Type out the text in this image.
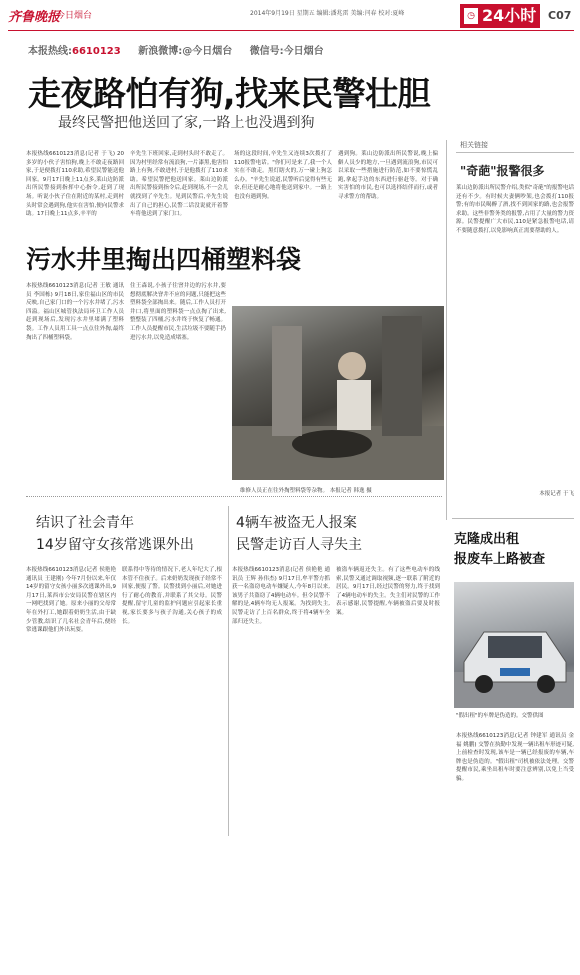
齐鲁晚报
今日烟台	2014年9月19日 星期五 编辑:潘兆雷 美编:闫春 校对:夏峰	24小时
◷	C07
本报热线:6610123 新浪微博:@今日烟台 微信号:今日烟台
走夜路怕有狗,找来民警壮胆
最终民警把他送回了家,一路上也没遇到狗
本报热线6610123消息(记者 于飞) 20多岁的小伙子害怕狗,晚上不敢走夜路回家,于是便拨打110求助,希望民警能送他回家。9月17日晚上11点多,莱山边防派出所民警接到指挥中心指令,赶到了现场。听说小伙子住在附近的某村,走到村头时常会遇到狗,他实在害怕,便向民警求助。17日晚上11点多,辛平的
辛先生下班回家,走到村头时不敢走了。因为村里经常有流浪狗,一片漆黑,他害怕路上有狗,不敢进村,于是他拨打了110求助。希望民警把他送回家。莱山边防派出所民警接到指令后,赶到现场,不一会儿就找到了辛先生。见到民警后,辛先生说出了自己的担心,民警二话没说就开着警车将他送到了家门口。
场的这段时间,辛先生又连续3次拨打了110报警电话。"你们可是来了,我一个人实在不敢走。黑灯瞎火的,万一碰上狗怎么办。"辛先生说道,民警听后觉得有些无奈,但还是耐心地将他送到家中。一路上也没有遇到狗。
遇到狗。莱山边防派出所民警说,晚上偏僻人员少的地方,一旦遇到流浪狗,市民可以采取一些措施进行防范,如不要惊慌乱跑,拿起手边的东西进行驱赶等。对于确实害怕的市民,也可以选择结伴而行,或者寻求警方的帮助。
污水井里掏出四桶塑料袋
本报热线6610123消息(记者 王敏 通讯员 李国栋) 9月18日,家住福山区的市民反映,自己家门口的一个污水井堵了,污水四溢。福山区城管执法局环卫工作人员赶到现场后,发现污水井里堵满了塑料袋。工作人员用工具一点点往外掏,最终掏出了四桶塑料袋。
住王森说,小孩子往窨井边的污水井,要想彻底解决窨井不应的问题,只能把这些塑料袋全部掏出来。随后,工作人员打开井口,将里面的塑料袋一点点掏了出来,整整装了四桶,污水井终于恢复了畅通。工作人员提醒市民,生活垃圾不要随手扔进污水井,以免造成堵塞。
维修人员正在往外掏塑料袋等杂物。 本报记者 韩逸 摄
结识了社会青年
14岁留守女孩常逃课外出
本报热线6610123消息(记者 侯艳艳 通讯员 王建刚) 今年7月份以来,年仅14岁的留守女孩小丽多次逃课外出,9月17日,莱西市公安局民警在辖区内一网吧找到了她。原来小丽的父母常年在外打工,她跟着奶奶生活,由于缺少管教,结识了几名社会青年后,便经常逃课跟他们外出玩耍。
联系得中等待的情况下,老人年纪大了,根本管不住孩子。后来奶奶发现孩子经常不回家,便报了警。民警找到小丽后,对她进行了耐心的教育,并联系了其父母。民警提醒,留守儿童的监护问题应引起家长重视,家长要多与孩子沟通,关心孩子的成长。
4辆车被盗无人报案
民警走访百人寻失主
本报热线6610123消息(记者 侯艳艳 通讯员 王辉 孙伟杰) 9月17日,牟平警方抓获一名盗窃电动车嫌疑人,今年8月以来,该男子共盗窃了4辆电动车。但令民警不解的是,4辆车均无人报案。为找到失主,民警走访了上百名群众,终于将4辆车全部归还失主。
被盗车辆返还失主。有了这些电动车的线索,民警又通过调取视频,逐一联系了附近的居民。9月17日,经过民警的努力,终于找到了4辆电动车的失主。失主们对民警的工作表示感谢,民警提醒,车辆被盗后要及时报案。
相关链接
"奇葩"报警很多
莱山边防派出所民警介绍,类似"奇葩"的报警电话还有不少。有时候夫妻俩吵架,也会拨打110报警;有的市民喝醉了酒,找不到回家的路,也会报警求助。这些非警务类的报警,占用了大量的警力资源。民警提醒广大市民,110是紧急报警电话,请不要随意拨打,以免影响真正需要帮助的人。
本报记者 于飞
克隆成出租
报废车上路被查
"假出租"的车牌是伪造的。交警供图
本报热线6610123消息(记者 钟建军 通讯员 金福 姚鹏) 交警在执勤中发现一辆出租车形迹可疑,上前检查时发现,该车是一辆已经报废的车辆,车牌也是伪造的。"假出租"司机被依法处理。交警提醒市民,乘坐出租车时要注意辨别,以免上当受骗。
